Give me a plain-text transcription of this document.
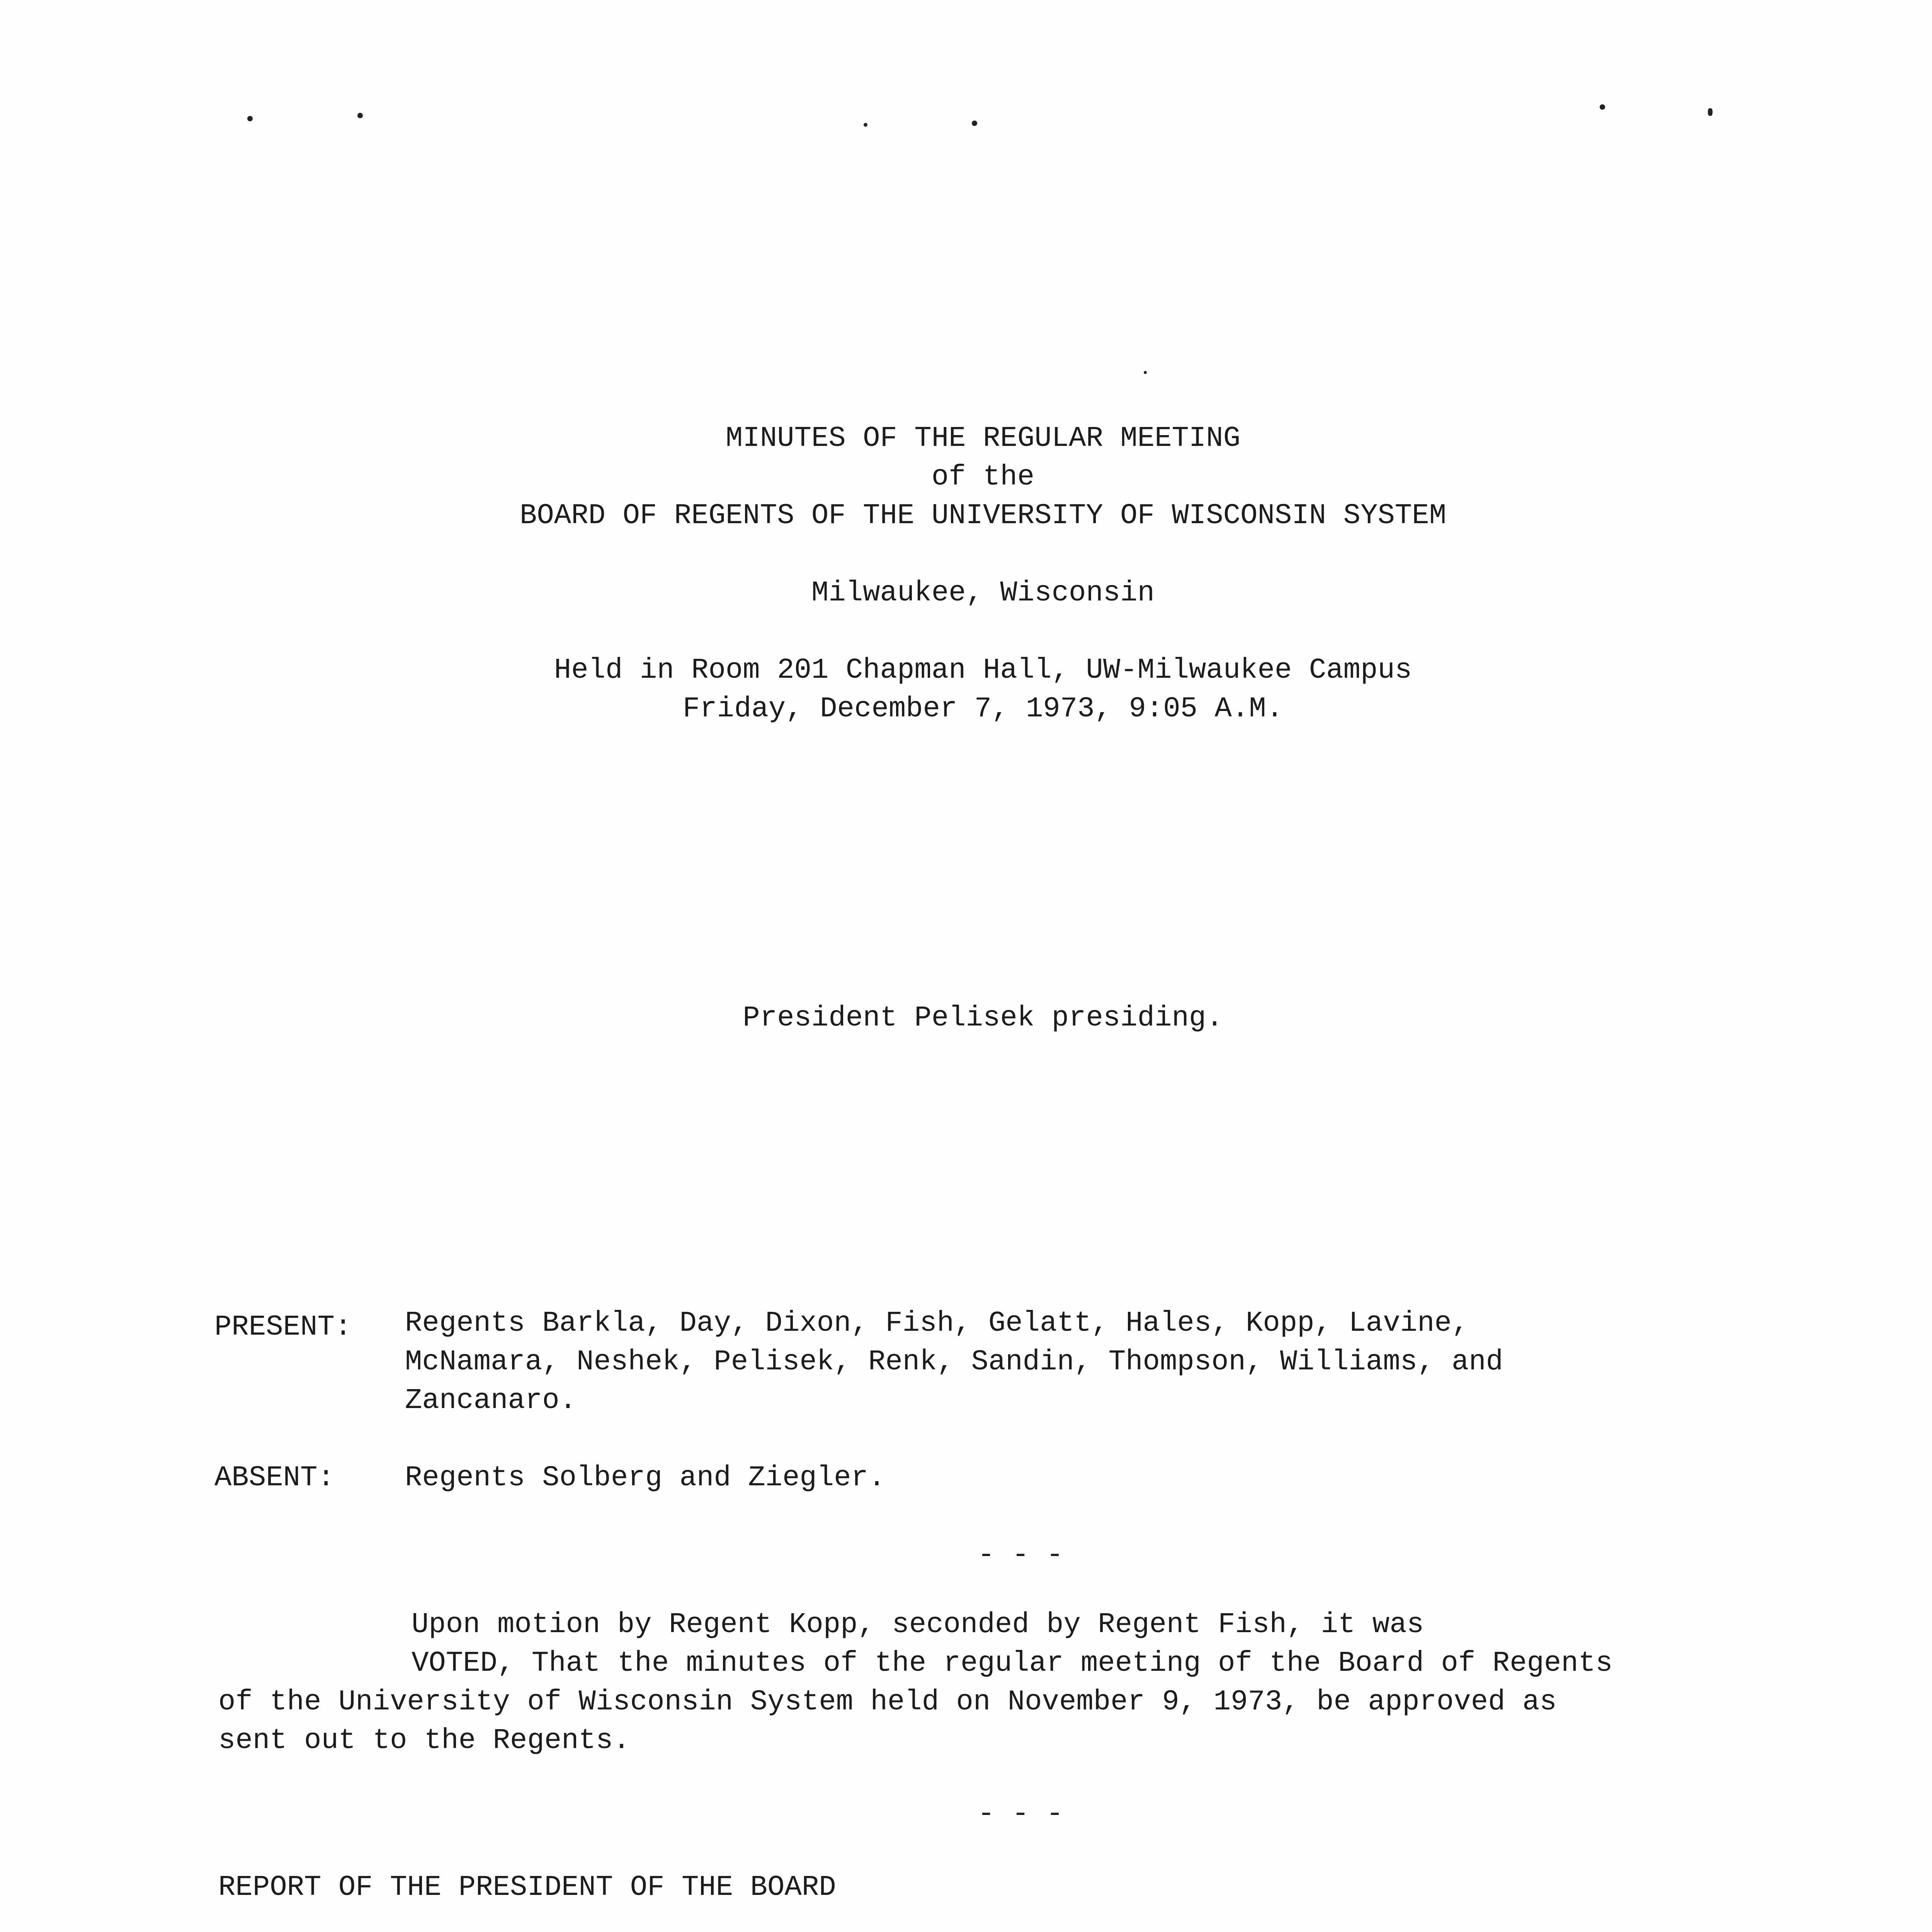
MINUTES OF THE REGULAR MEETING
of the
BOARD OF REGENTS OF THE UNIVERSITY OF WISCONSIN SYSTEM
Milwaukee, Wisconsin
Held in Room 201 Chapman Hall, UW-Milwaukee Campus
Friday, December 7, 1973, 9:05 A.M.
President Pelisek presiding.
PRESENT: Regents Barkla, Day, Dixon, Fish, Gelatt, Hales, Kopp, Lavine,
McNamara, Neshek, Pelisek, Renk, Sandin, Thompson, Williams, and
Zancanaro.
ABSENT: Regents Solberg and Ziegler.
- - -
Upon motion by Regent Kopp, seconded by Regent Fish, it was
VOTED, That the minutes of the regular meeting of the Board of Regents
of the University of Wisconsin System held on November 9, 1973, be approved as
sent out to the Regents.
- - -
REPORT OF THE PRESIDENT OF THE BOARD
